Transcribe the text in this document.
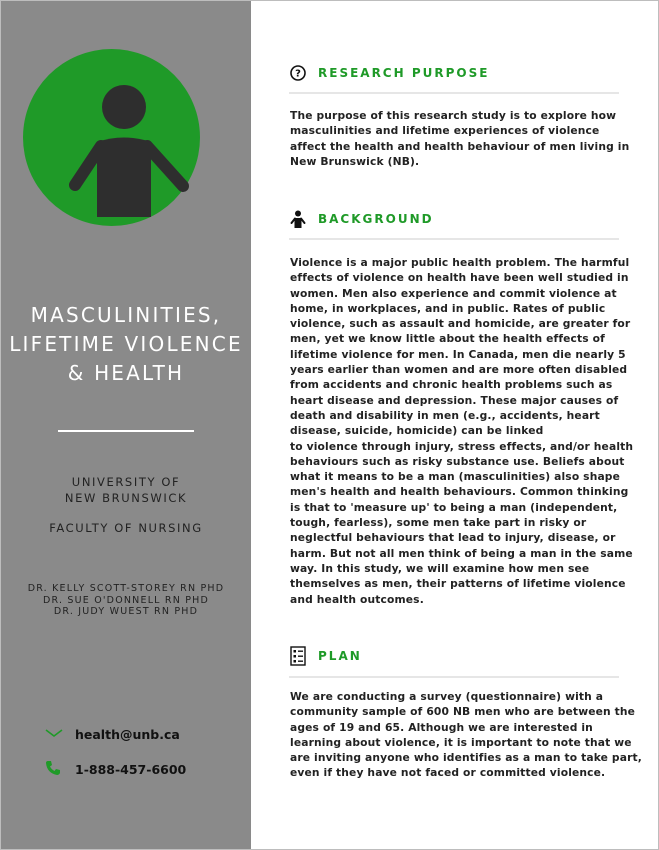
MASCULINITIES,
LIFETIME VIOLENCE
& HEALTH
UNIVERSITY OF
NEW BRUNSWICK
FACULTY OF NURSING
DR. KELLY SCOTT-STOREY RN PHD
DR. SUE O'DONNELL RN PHD
DR. JUDY WUEST RN PHD
health@unb.ca
1-888-457-6600
? RESEARCH PURPOSE
The purpose of this research study is to explore how
masculinities and lifetime experiences of violence
affect the health and health behaviour of men living in
New Brunswick (NB).
BACKGROUND
Violence is a major public health problem. The harmful
effects of violence on health have been well studied in
women. Men also experience and commit violence at
home, in workplaces, and in public. Rates of public
violence, such as assault and homicide, are greater for
men, yet we know little about the health effects of
lifetime violence for men. In Canada, men die nearly 5
years earlier than women and are more often disabled
from accidents and chronic health problems such as
heart disease and depression. These major causes of
death and disability in men (e.g., accidents, heart
disease, suicide, homicide) can be linked
to violence through injury, stress effects, and/or health
behaviours such as risky substance use. Beliefs about
what it means to be a man (masculinities) also shape
men's health and health behaviours. Common thinking
is that to 'measure up' to being a man (independent,
tough, fearless), some men take part in risky or
neglectful behaviours that lead to injury, disease, or
harm. But not all men think of being a man in the same
way. In this study, we will examine how men see
themselves as men, their patterns of lifetime violence
and health outcomes.
PLAN
We are conducting a survey (questionnaire) with a
community sample of 600 NB men who are between the
ages of 19 and 65. Although we are interested in
learning about violence, it is important to note that we
are inviting anyone who identifies as a man to take part,
even if they have not faced or committed violence.
